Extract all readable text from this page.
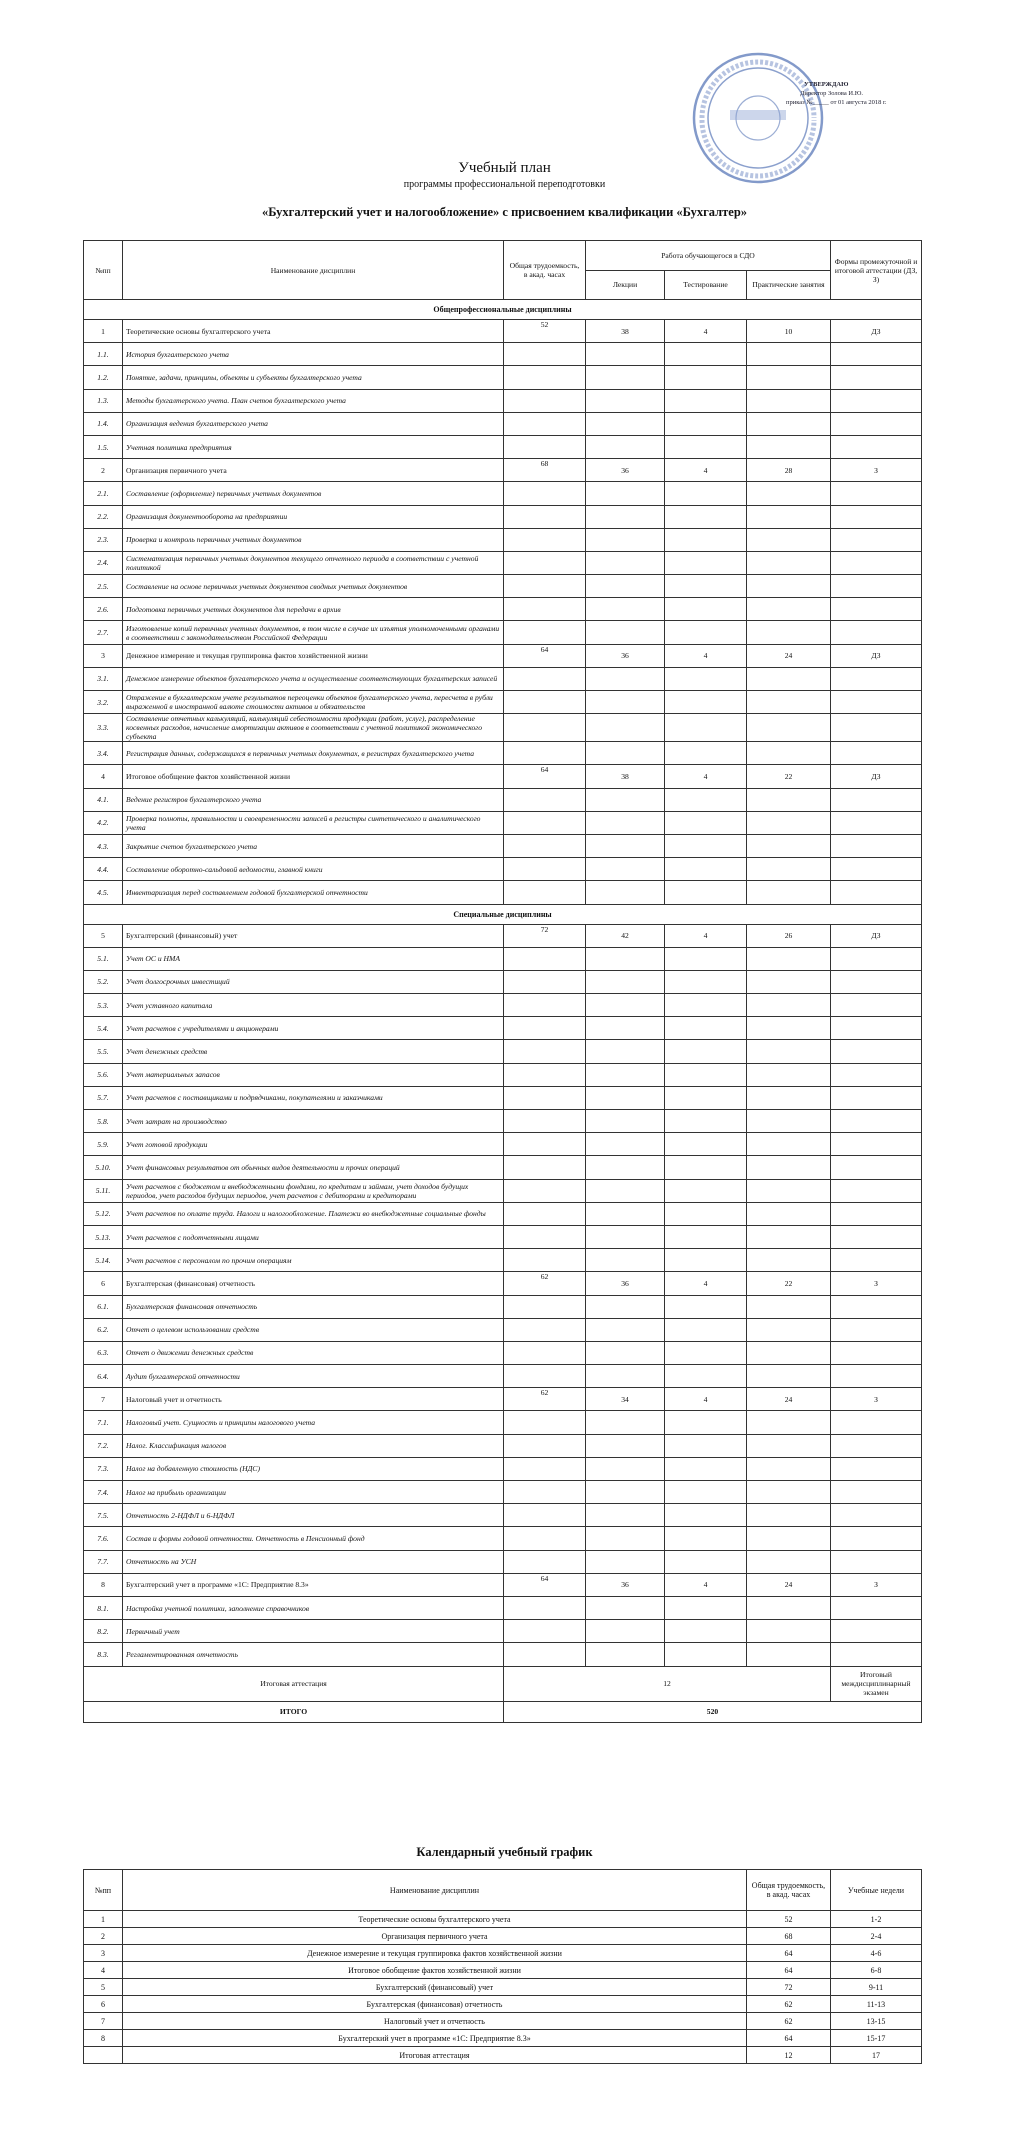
УТВЕРЖДАЮ
Директор Золова И.Ю.
приказ №_____ от 01 августа 2018 г.
Учебный план
программы профессиональной переподготовки
«Бухгалтерский учет и налогообложение» с присвоением квалификации «Бухгалтер»
№пп	Наименование дисциплин	Общая трудоемкость, в акад. часах	Работа обучающегося в СДО			Формы промежуточной и итоговой аттестации (ДЗ, З)
			Лекции	Тестирование	Практические занятия	
Общепрофессиональные дисциплины						
1	Теоретические основы бухгалтерского учета	52	38	4	10	ДЗ
1.1.	История бухгалтерского учета					
1.2.	Понятие, задачи, принципы, объекты и субъекты бухгалтерского учета					
1.3.	Методы бухгалтерского учета. План счетов бухгалтерского учета					
1.4.	Организация ведения бухгалтерского учета					
1.5.	Учетная политика предприятия					
2	Организация первичного учета	68	36	4	28	З
2.1.	Составление (оформление) первичных учетных документов					
2.2.	Организация документооборота на предприятии					
2.3.	Проверка и контроль первичных учетных документов					
2.4.	Систематизация первичных учетных документов текущего отчетного периода в соответствии с учетной политикой					
2.5.	Составление на основе первичных учетных документов сводных учетных документов					
2.6.	Подготовка первичных учетных документов для передачи в архив					
2.7.	Изготовление копий первичных учетных документов, в том числе в случае их изъятия уполномоченными органами в соответствии с законодательством Российской Федерации					
3	Денежное измерение и текущая группировка фактов хозяйственной жизни	64	36	4	24	ДЗ
3.1.	Денежное измерение объектов бухгалтерского учета и осуществление соответствующих бухгалтерских записей					
3.2.	Отражение в бухгалтерском учете результатов переоценки объектов бухгалтерского учета, пересчета в рубли выраженной в иностранной валюте стоимости активов и обязательств					
3.3.	Составление отчетных калькуляций, калькуляций себестоимости продукции (работ, услуг), распределение косвенных расходов, начисление амортизации активов в соответствии с учетной политикой экономического субъекта					
3.4.	Регистрация данных, содержащихся в первичных учетных документах, в регистрах бухгалтерского учета					
4	Итоговое обобщение фактов хозяйственной жизни	64	38	4	22	ДЗ
4.1.	Ведение регистров бухгалтерского учета					
4.2.	Проверка полноты, правильности и своевременности записей в регистры синтетического и аналитического учета					
4.3.	Закрытие счетов бухгалтерского учета					
4.4.	Составление оборотно-сальдовой ведомости, главной книги					
4.5.	Инвентаризация перед составлением годовой бухгалтерской отчетности					
Специальные дисциплины						
5	Бухгалтерский (финансовый) учет	72	42	4	26	ДЗ
5.1.	Учет ОС и НМА					
5.2.	Учет долгосрочных инвестиций					
5.3.	Учет уставного капитала					
5.4.	Учет расчетов с учредителями и акционерами					
5.5.	Учет денежных средств					
5.6.	Учет материальных запасов					
5.7.	Учет расчетов с поставщиками и подрядчиками, покупателями и заказчиками					
5.8.	Учет затрат на производство					
5.9.	Учет готовой продукции					
5.10.	Учет финансовых результатов от обычных видов деятельности и прочих операций					
5.11.	Учет расчетов с бюджетом и внебюджетными фондами, по кредитам и займам, учет доходов будущих периодов, учет расходов будущих периодов, учет расчетов с дебиторами и кредиторами					
5.12.	Учет расчетов по оплате труда. Налоги и налогообложение. Платежи во внебюджетные социальные фонды					
5.13.	Учет расчетов с подотчетными лицами					
5.14.	Учет расчетов с персоналом по прочим операциям					
6	Бухгалтерская (финансовая) отчетность	62	36	4	22	З
6.1.	Бухгалтерская финансовая отчетность					
6.2.	Отчет о целевом использовании средств					
6.3.	Отчет о движении денежных средств					
6.4.	Аудит бухгалтерской отчетности					
7	Налоговый учет и отчетность	62	34	4	24	З
7.1.	Налоговый учет. Сущность и принципы налогового учета					
7.2.	Налог. Классификация налогов					
7.3.	Налог на добавленную стоимость (НДС)					
7.4.	Налог на прибыль организации					
7.5.	Отчетность 2-НДФЛ и 6-НДФЛ					
7.6.	Состав и формы годовой отчетности. Отчетность в Пенсионный фонд					
7.7.	Отчетность на УСН					
8	Бухгалтерский учет в программе «1С: Предприятие 8.3»	64	36	4	24	З
8.1.	Настройка учетной политики, заполнение справочников					
8.2.	Первичный учет					
8.3.	Регламентированная отчетность					
Итоговая аттестация		12				Итоговый междисциплинарный экзамен
ИТОГО		520				
Календарный учебный график
№пп	Наименование дисциплин	Общая трудоемкость, в акад. часах	Учебные недели
1	Теоретические основы бухгалтерского учета	52	1-2
2	Организация первичного учета	68	2-4
3	Денежное измерение и текущая группировка фактов хозяйственной жизни	64	4-6
4	Итоговое обобщение фактов хозяйственной жизни	64	6-8
5	Бухгалтерский (финансовый) учет	72	9-11
6	Бухгалтерская (финансовая) отчетность	62	11-13
7	Налоговый учет и отчетность	62	13-15
8	Бухгалтерский учет в программе «1С: Предприятие 8.3»	64	15-17
	Итоговая аттестация	12	17
